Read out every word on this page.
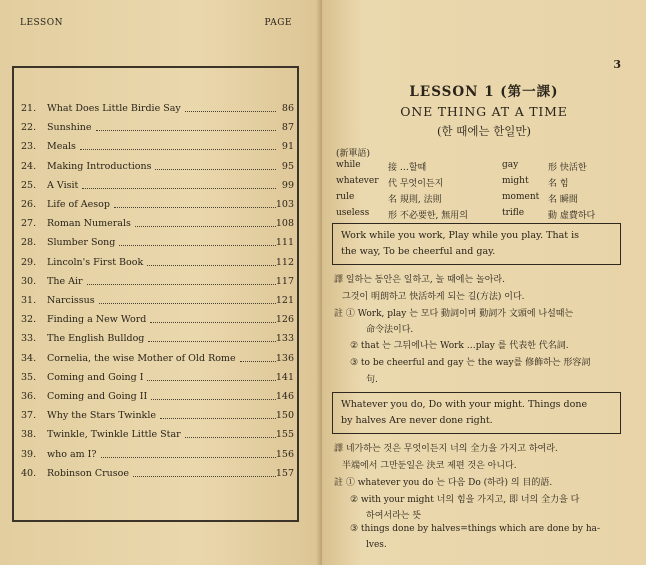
LESSON	PAGE
21. What Does Little Birdie Say	86
22. Sunshine	87
23. Meals	91
24. Making Introductions	95
25. A Visit	99
26. Life of Aesop	103
27. Roman Numerals	108
28. Slumber Song	111
29. Lincoln's First Book	112
30. The Air	117
31. Narcissus	121
32. Finding a New Word	126
33. The English Bulldog	133
34. Cornelia, the wise Mother of Old Rome	136
35. Coming and Going I	141
36. Coming and Going II	146
37. Why the Stars Twinkle	150
38. Twinkle, Twinkle Little Star	155
39. who am I?	156
40. Robinson Crusoe	157
3
LESSON 1 (第一課)
ONE THING AT A TIME
(한 때에는 한일만)
(新單語)
while	接 …할때	gay	形 快活한
whatever 代 무엇이든지	might 名 힘
rule	名 規則, 法則	moment 名 瞬間
useless 形 不必要한, 無用의	trifle	動 虛費하다
Work while you work, Play while you play. That is
the way, To be cheerful and gay.
譯 일하는 동안은 일하고, 놀 때에는 놀아라.
그것이 明朗하고 快活하게 되는 길(方法) 이다.
註 ① Work, play 는 모다 動詞이며 動詞가 文頭에 나설때는
命令法이다.
② that 는 그뒤에나는 Work …play 를 代表한 代名詞.
③ to be cheerful and gay 는 the way를 修飾하는 形容詞
句.
Whatever you do, Do with your might. Things done
by halves Are never done right.
譯 네가하는 것은 무엇이든지 너의 全力을 가지고 하여라.
半端에서 그만둔일은 決코 제편 것은 아니다.
註 ① whatever you do 는 다음 Do (하라) 의 目的語.
② with your might 너의 힘을 가지고, 即 너의 全力을 다
하여서라는 뜻
③ things done by halves=things which are done by ha-
lves.
